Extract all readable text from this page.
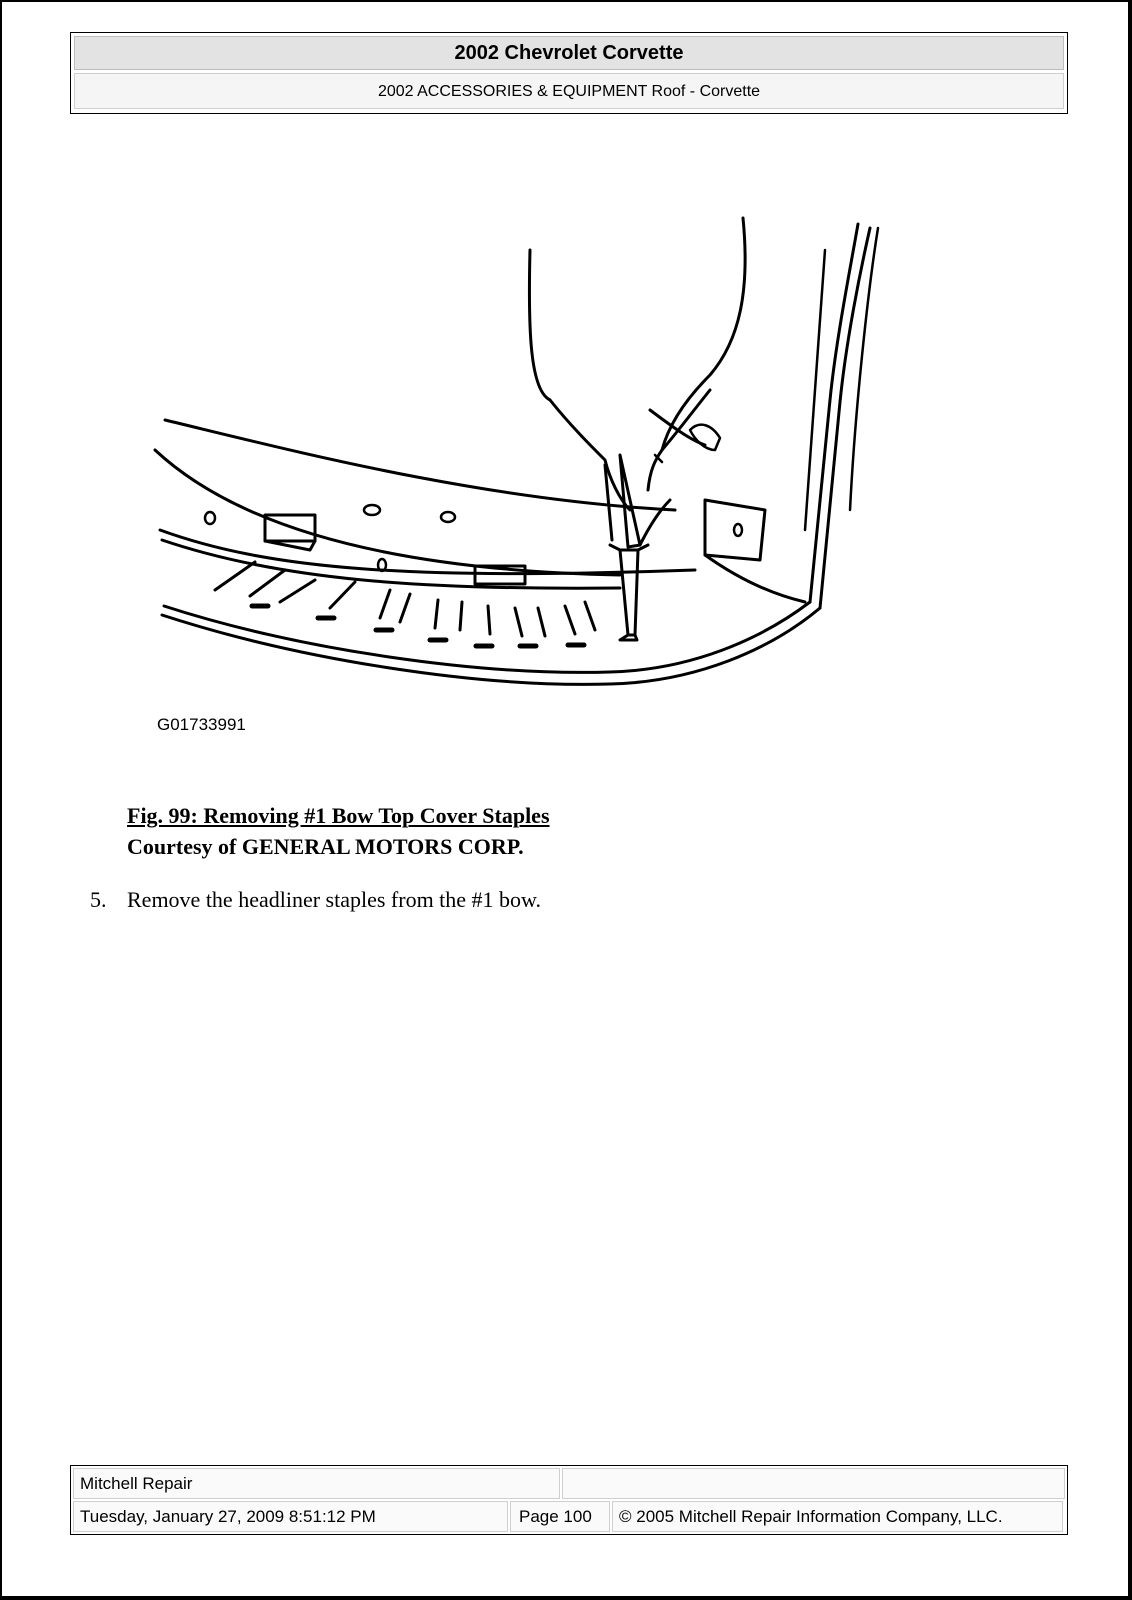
2002 Chevrolet Corvette
2002 ACCESSORIES & EQUIPMENT Roof - Corvette
G01733991
Fig. 99: Removing #1 Bow Top Cover Staples
Courtesy of GENERAL MOTORS CORP.
5. Remove the headliner staples from the #1 bow.
Mitchell Repair
Tuesday, January 27, 2009 8:51:12 PM	Page 100	© 2005 Mitchell Repair Information Company, LLC.
